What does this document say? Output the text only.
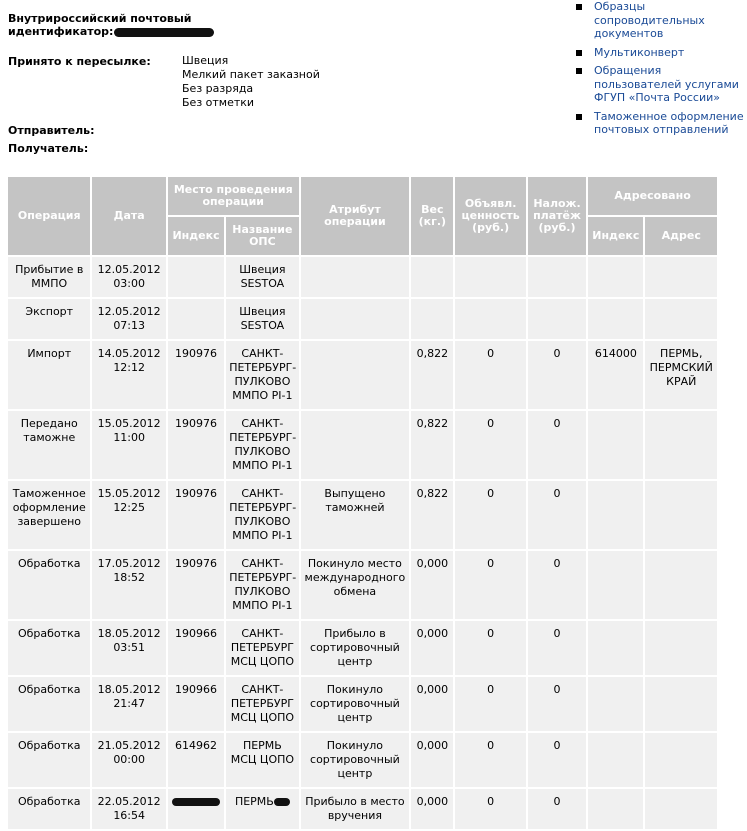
Внутрироссийский почтовый идентификатор:
Принято к пересылке:	Швеция
Мелкий пакет заказной
Без разряда
Без отметки
Отправитель:
Получатель:
Образцы сопроводительных документов
Мультиконверт
Обращения пользователей услугами ФГУП «Почта России»
Таможенное оформление почтовых отправлений
Операция	Дата	Место проведения операции		Атрибут операции	Вес (кг.)	Объявл. ценность (руб.)	Налож. платёж (руб.)	Адресовано	
		Индекс	Название ОПС					Индекс	Адрес
Прибытие в ММПО	12.05.2012 03:00		Швеция SESTOA						
Экспорт	12.05.2012 07:13		Швеция SESTOA						
Импорт	14.05.2012 12:12	190976	САНКТ-ПЕТЕРБУРГ-ПУЛКОВО ММПО PI-1		0,822	0	0	614000	ПЕРМЬ, ПЕРМСКИЙ КРАЙ
Передано таможне	15.05.2012 11:00	190976	САНКТ-ПЕТЕРБУРГ-ПУЛКОВО ММПО PI-1		0,822	0	0		
Таможенное оформление завершено	15.05.2012 12:25	190976	САНКТ-ПЕТЕРБУРГ-ПУЛКОВО ММПО PI-1	Выпущено таможней	0,822	0	0		
Обработка	17.05.2012 18:52	190976	САНКТ-ПЕТЕРБУРГ-ПУЛКОВО ММПО PI-1	Покинуло место международного обмена	0,000	0	0		
Обработка	18.05.2012 03:51	190966	САНКТ-ПЕТЕРБУРГ МСЦ ЦОПО	Прибыло в сортировочный центр	0,000	0	0		
Обработка	18.05.2012 21:47	190966	САНКТ-ПЕТЕРБУРГ МСЦ ЦОПО	Покинуло сортировочный центр	0,000	0	0		
Обработка	21.05.2012 00:00	614962	ПЕРМЬ МСЦ ЦОПО	Покинуло сортировочный центр	0,000	0	0		
Обработка	22.05.2012 16:54		ПЕРМЬ	Прибыло в место вручения	0,000	0	0		
